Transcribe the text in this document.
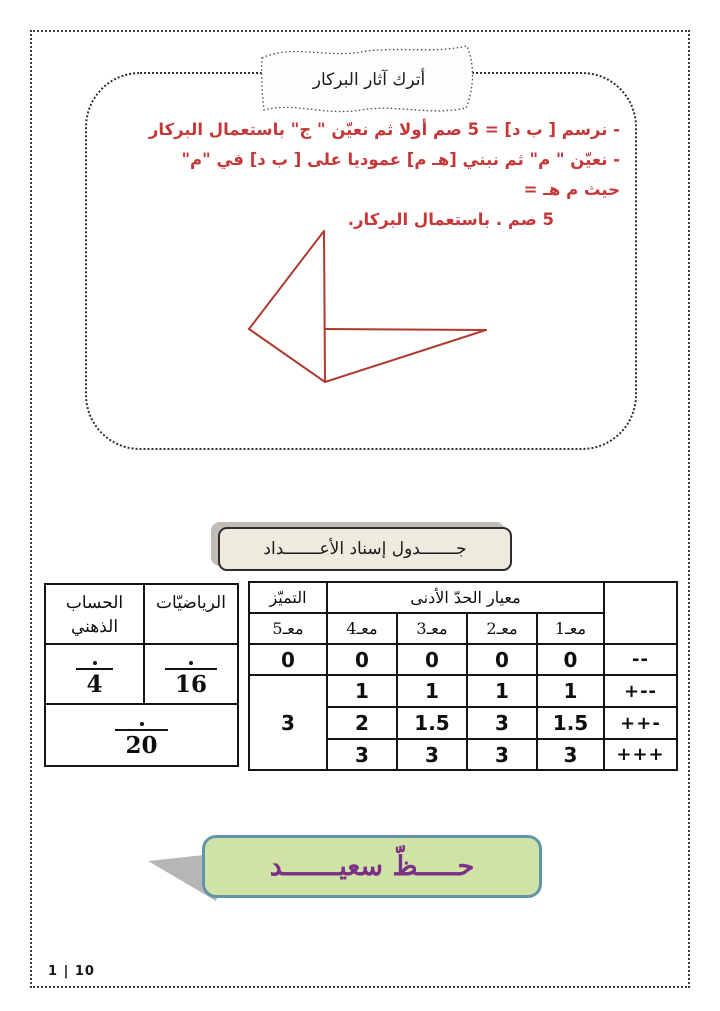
أترك آثار البركار
- نرسم [ ب د] = 5 صم أولا ثم نعيّن " ج" باستعمال البركار
- نعيّن " م" ثم نبني [هـ م] عموديا على [ ب د] في "م" حيث م هـ =
5 صم . باستعمال البركار.
جـــــــدول إسناد الأعـــــــداد
	معيار الحدّ الأدنى				التميّز
	معـ1	معـ2	معـ3	معـ4	معـ5
--	0	0	0	0	0
+--	1	1	1	1	3
++-	1.5	3	1.5	2	
+++	3	3	3	3	
الرياضيّات	الحساب الذهني

16	4

20	
حـــــظّ سعيـــــــد
1 | 10
